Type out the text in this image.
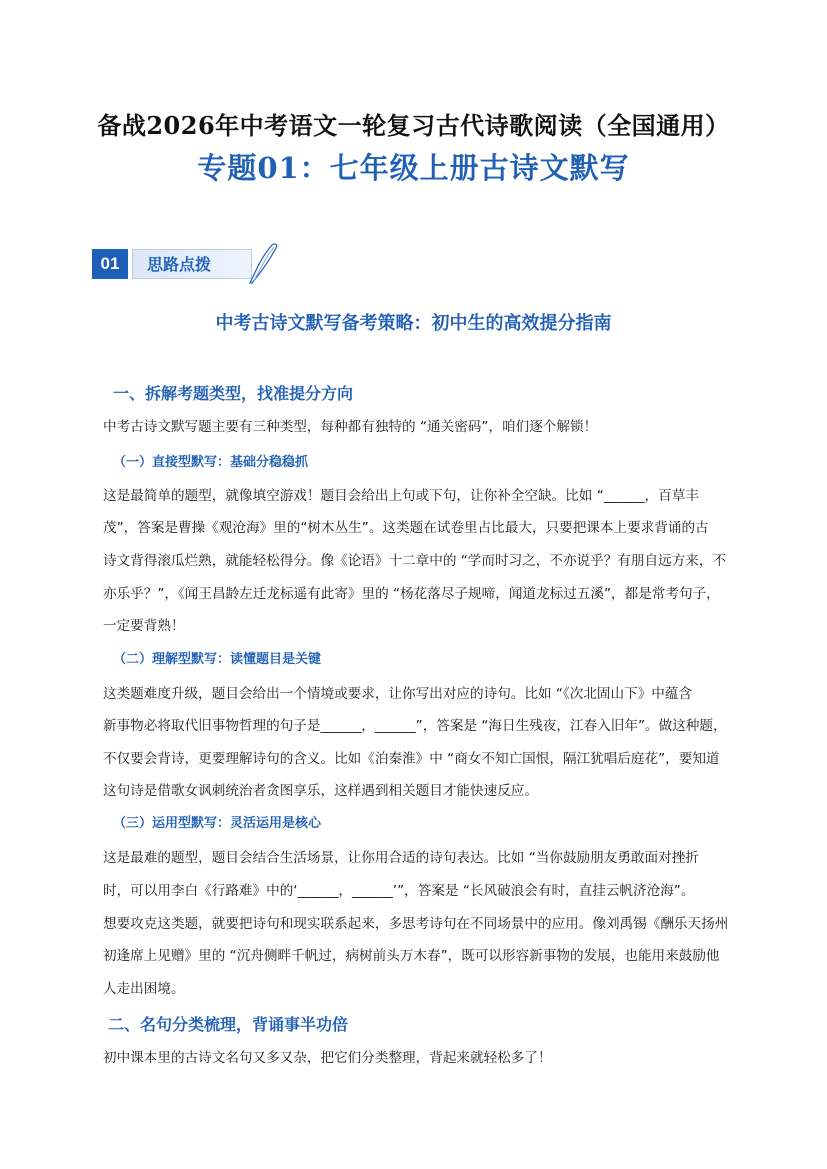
备战2026年中考语文一轮复习古代诗歌阅读（全国通用）
专题01：七年级上册古诗文默写
01	思路点拨
中考古诗文默写备考策略：初中生的高效提分指南
一、拆解考题类型，找准提分方向
中考古诗文默写题主要有三种类型，每种都有独特的 “通关密码”，咱们逐个解锁！
（一）直接型默写：基础分稳稳抓
这是最简单的题型，就像填空游戏！题目会给出上句或下句，让你补全空缺。比如 “______，百草丰
茂”，答案是曹操《观沧海》里的“树木丛生”。这类题在试卷里占比最大，只要把课本上要求背诵的古
诗文背得滚瓜烂熟，就能轻松得分。像《论语》十二章中的 “学而时习之，不亦说乎？有朋自远方来，不
亦乐乎？”，《闻王昌龄左迁龙标遥有此寄》里的 “杨花落尽子规啼，闻道龙标过五溪”，都是常考句子，
一定要背熟！
（二）理解型默写：读懂题目是关键
这类题难度升级，题目会给出一个情境或要求，让你写出对应的诗句。比如 “《次北固山下》中蕴含
新事物必将取代旧事物哲理的句子是______，______”，答案是 “海日生残夜，江春入旧年”。做这种题，
不仅要会背诗，更要理解诗句的含义。比如《泊秦淮》中 “商女不知亡国恨，隔江犹唱后庭花”，要知道
这句诗是借歌女讽刺统治者贪图享乐，这样遇到相关题目才能快速反应。
（三）运用型默写：灵活运用是核心
这是最难的题型，题目会结合生活场景，让你用合适的诗句表达。比如 “当你鼓励朋友勇敢面对挫折
时，可以用李白《行路难》中的‘______，______’”，答案是 “长风破浪会有时，直挂云帆济沧海”。
想要攻克这类题，就要把诗句和现实联系起来，多思考诗句在不同场景中的应用。像刘禹锡《酬乐天扬州
初逢席上见赠》里的 “沉舟侧畔千帆过，病树前头万木春”，既可以形容新事物的发展，也能用来鼓励他
人走出困境。
二、名句分类梳理，背诵事半功倍
初中课本里的古诗文名句又多又杂，把它们分类整理，背起来就轻松多了！
